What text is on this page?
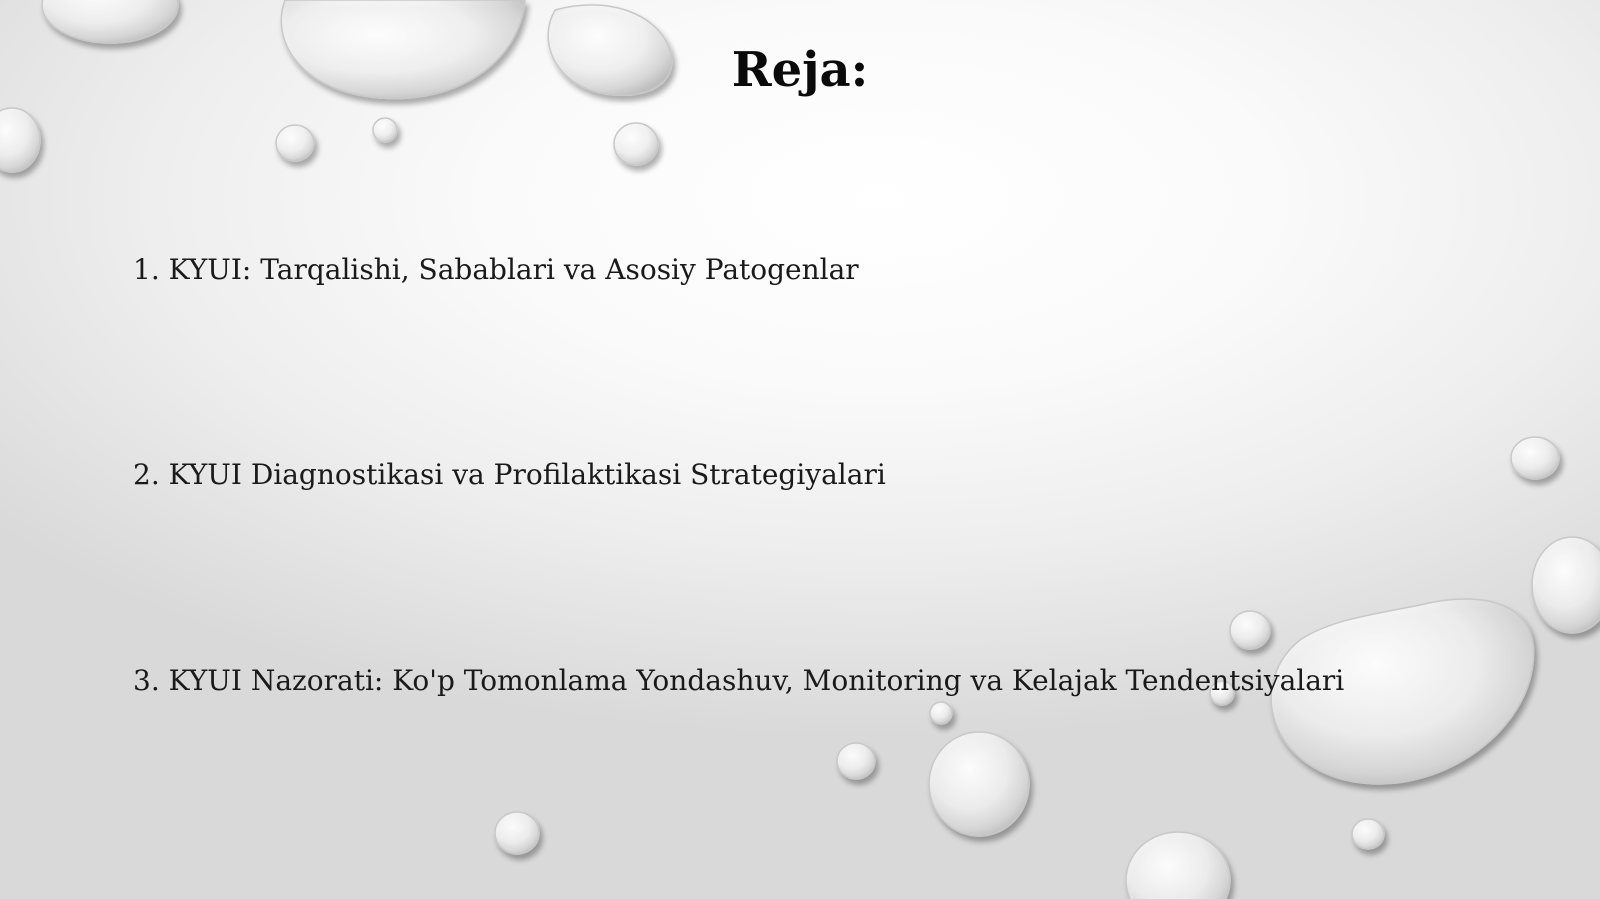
Reja:
1. KYUI: Tarqalishi, Sabablari va Asosiy Patogenlar
2. KYUI Diagnostikasi va Profilaktikasi Strategiyalari
3. KYUI Nazorati: Ko'p Tomonlama Yondashuv, Monitoring va Kelajak Tendentsiyalari
